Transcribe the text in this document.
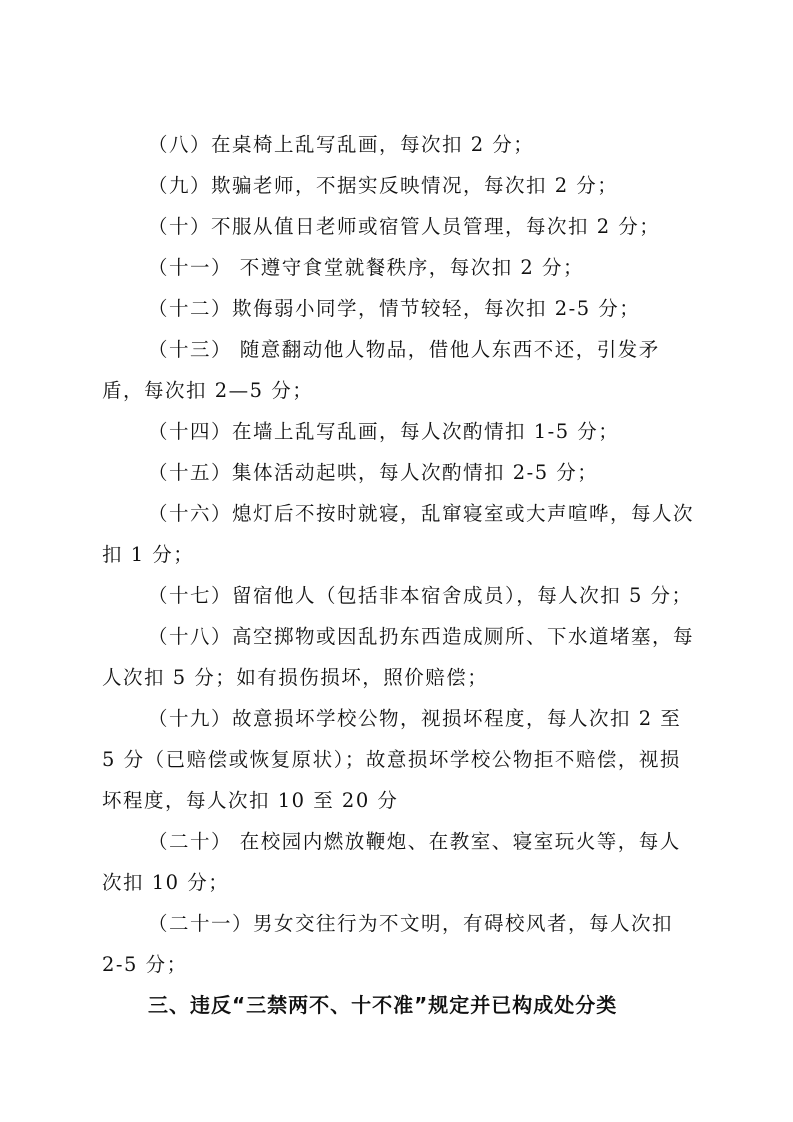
（八）在桌椅上乱写乱画，每次扣 2 分；

（九）欺骗老师，不据实反映情况，每次扣 2 分；

（十）不服从值日老师或宿管人员管理，每次扣 2 分；

（十一） 不遵守食堂就餐秩序，每次扣 2 分；

（十二）欺侮弱小同学，情节较轻，每次扣 2-5 分；

（十三） 随意翻动他人物品，借他人东西不还，引发矛盾，每次扣 2—5 分；

（十四）在墙上乱写乱画，每人次酌情扣 1-5 分；

（十五）集体活动起哄，每人次酌情扣 2-5 分；

（十六）熄灯后不按时就寝，乱窜寝室或大声喧哗，每人次扣 1 分；

（十七）留宿他人（包括非本宿舍成员），每人次扣 5 分；

（十八）高空掷物或因乱扔东西造成厕所、下水道堵塞，每人次扣 5 分；如有损伤损坏，照价赔偿；

（十九）故意损坏学校公物，视损坏程度，每人次扣 2 至 5 分（已赔偿或恢复原状）；故意损坏学校公物拒不赔偿，视损坏程度，每人次扣 10 至 20 分

（二十） 在校园内燃放鞭炮、在教室、寝室玩火等，每人次扣 10 分；

（二十一）男女交往行为不文明，有碍校风者，每人次扣 2-5 分；

三、违反“三禁两不、十不准”规定并已构成处分类
